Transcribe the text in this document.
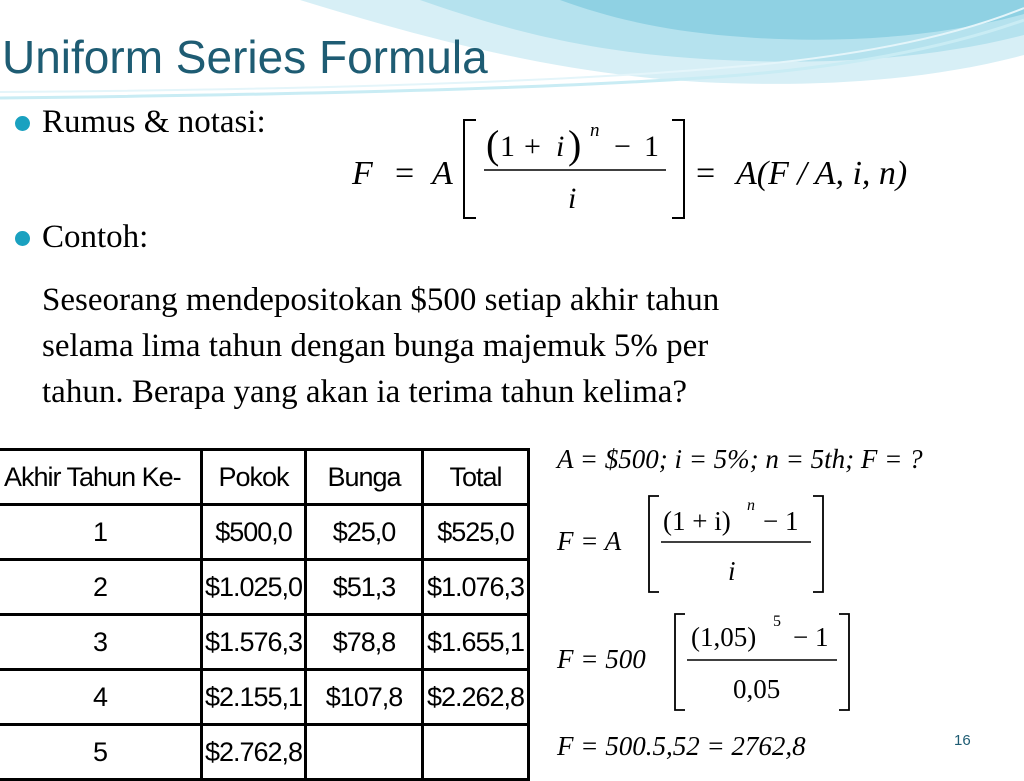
Uniform Series Formula
Rumus & notasi:
F = A
( 1 + i ) n − 1
i
= A(F / A, i, n)
Contoh:
Seseorang mendepositokan $500 setiap akhir tahun
selama lima tahun dengan bunga majemuk 5% per
tahun. Berapa yang akan ia terima tahun kelima?
Akhir Tahun Ke-	Pokok	Bunga	Total
1	$500,0	$25,0	$525,0
2	$1.025,0	$51,3	$1.076,3
3	$1.576,3	$78,8	$1.655,1
4	$2.155,1	$107,8	$2.262,8
5	$2.762,8		
A = $500; i = 5%; n = 5th; F = ?
F = A
(1 + i)
n
− 1
i
F = 500
(1,05)
5
− 1
0,05
F = 500.5,52 = 2762,8	16
